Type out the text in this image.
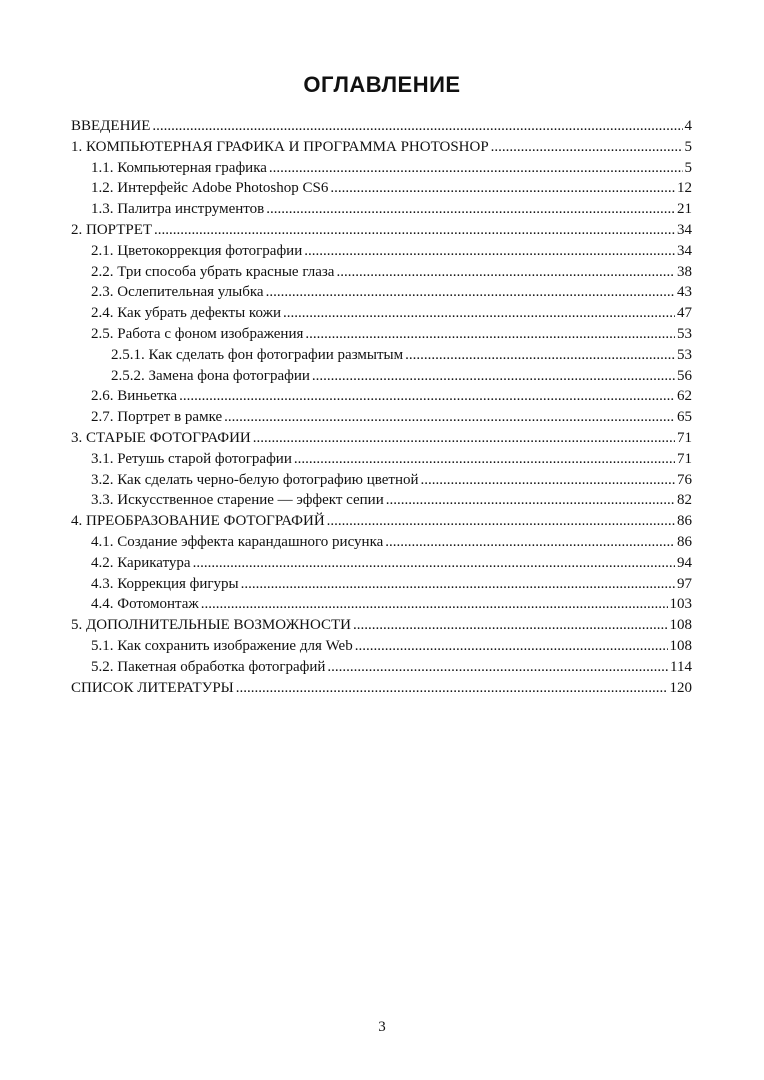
ОГЛАВЛЕНИЕ
ВВЕДЕНИЕ .....	4
1. КОМПЬЮТЕРНАЯ ГРАФИКА И ПРОГРАММА PHOTOSHOP .....	5
1.1. Компьютерная графика .....	5
1.2. Интерфейс Adobe Photoshop CS6 .....	12
1.3. Палитра инструментов .....	21
2. ПОРТРЕТ .....	34
2.1. Цветокоррекция фотографии .....	34
2.2. Три способа убрать красные глаза .....	38
2.3. Ослепительная улыбка .....	43
2.4. Как убрать дефекты кожи .....	47
2.5. Работа с фоном изображения .....	53
2.5.1. Как сделать фон фотографии размытым .....	53
2.5.2. Замена фона фотографии .....	56
2.6. Виньетка .....	62
2.7. Портрет в рамке .....	65
3. СТАРЫЕ ФОТОГРАФИИ .....	71
3.1. Ретушь старой фотографии .....	71
3.2. Как сделать черно-белую фотографию цветной .....	76
3.3. Искусственное старение — эффект сепии .....	82
4. ПРЕОБРАЗОВАНИЕ ФОТОГРАФИЙ .....	86
4.1. Создание эффекта карандашного рисунка .....	86
4.2. Карикатура .....	94
4.3. Коррекция фигуры .....	97
4.4. Фотомонтаж .....	103
5. ДОПОЛНИТЕЛЬНЫЕ ВОЗМОЖНОСТИ .....	108
5.1. Как сохранить изображение для Web .....	108
5.2. Пакетная обработка фотографий .....	114
СПИСОК ЛИТЕРАТУРЫ .....	120
3
